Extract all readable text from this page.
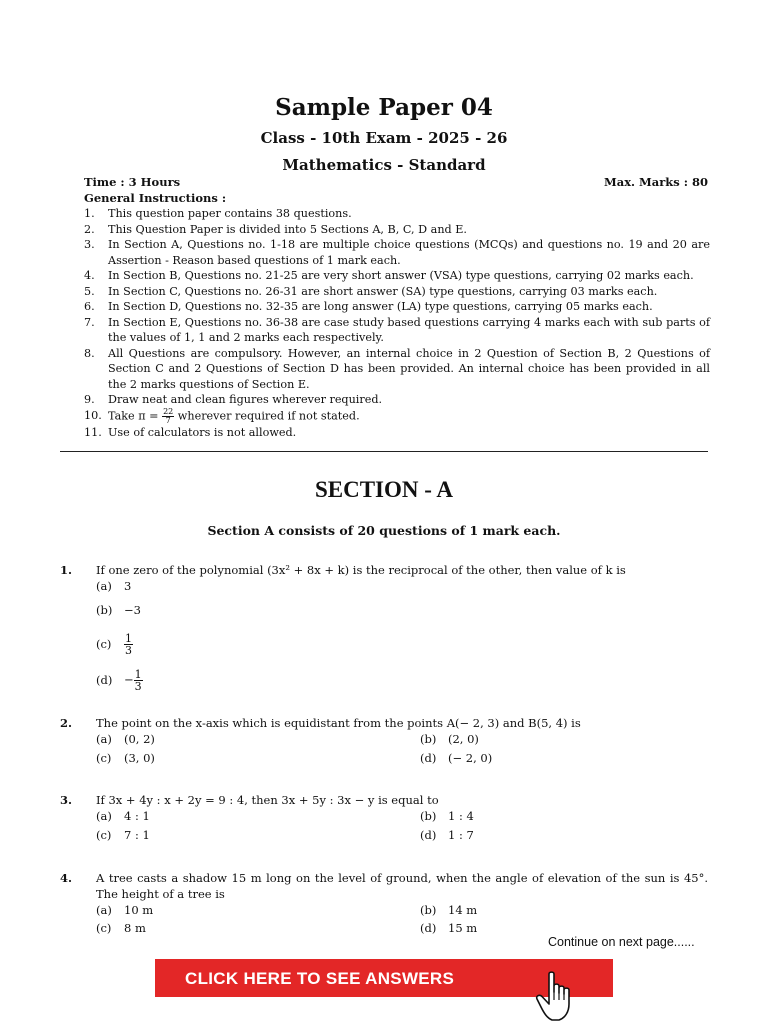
Sample Paper 04
Class - 10th Exam - 2025 - 26
Mathematics - Standard
Time : 3 Hours	Max. Marks : 80
General Instructions :
1.	This question paper contains 38 questions.
2.	This Question Paper is divided into 5 Sections A, B, C, D and E.
3.	In Section A, Questions no. 1-18 are multiple choice questions (MCQs) and questions no. 19 and 20 are Assertion - Reason based questions of 1 mark each.
4.	In Section B, Questions no. 21-25 are very short answer (VSA) type questions, carrying 02 marks each.
5.	In Section C, Questions no. 26-31 are short answer (SA) type questions, carrying 03 marks each.
6.	In Section D, Questions no. 32-35 are long answer (LA) type questions, carrying 05 marks each.
7.	In Section E, Questions no. 36-38 are case study based questions carrying 4 marks each with sub parts of the values of 1, 1 and 2 marks each respectively.
8.	All Questions are compulsory. However, an internal choice in 2 Question of Section B, 2 Questions of Section C and 2 Questions of Section D has been provided. An internal choice has been provided in all the 2 marks questions of Section E.
9.	Draw neat and clean figures wherever required.
10. Take $\pi = \frac{22}{7}$ wherever required if not stated.
11. Use of calculators is not allowed.
SECTION - A
Section A consists of 20 questions of 1 mark each.
1. If one zero of the polynomial (3x² + 8x + k) is the reciprocal of the other, then value of k is
(a) 3
(b) −3
$(c) \frac{1}{3}$
$(d) - \frac{1}{3}$
2. The point on the x-axis which is equidistant from the points A(− 2, 3) and B(5, 4) is
(a) (0, 2)	(b) (2, 0)
(c) (3, 0)	(d) (− 2, 0)
3. If 3x + 4y : x + 2y = 9 : 4, then 3x + 5y : 3x − y is equal to
(a) 4 : 1	(b) 1 : 4
(c) 7 : 1	(d) 1 : 7
4. A tree casts a shadow 15 m long on the level of ground, when the angle of elevation of the sun is 45°. The height of a tree is
(a) 10 m	(b) 14 m
(c) 8 m	(d) 15 m
Continue on next page......
CLICK HERE TO SEE ANSWERS
